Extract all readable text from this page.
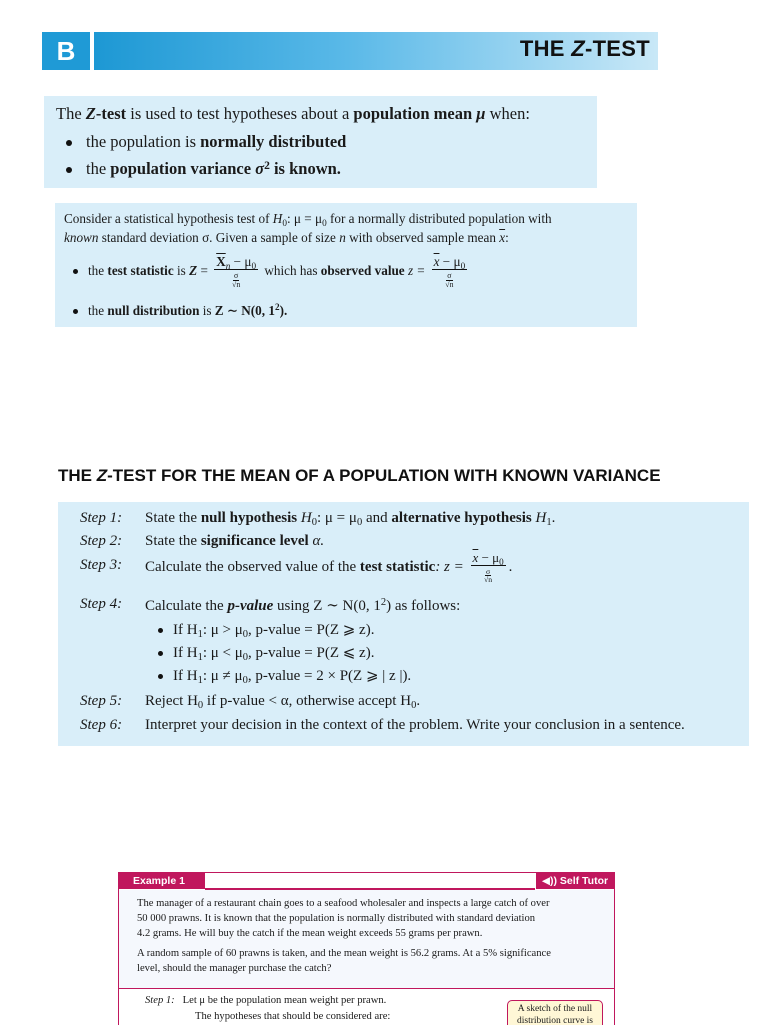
B	THE Z-TEST
The Z-test is used to test hypotheses about a population mean μ when:
the population is normally distributed
the population variance $\sigma^2$ is known.
Consider a statistical hypothesis test of $H_0$: $\mu = \mu_0$ for a normally distributed population with
known standard deviation σ. Given a sample of size n with observed sample mean $\overline{x}$:
the test statistic is $Z = \frac{\overline{X}_n - \mu_0}{\frac{\sigma}{√n}}$ which has observed value $z = \frac{\overline{x} - \mu_0}{\frac{\sigma}{√n}}$
the null distribution is Z ∼ N(0, $1^2$).
THE Z-TEST FOR THE MEAN OF A POPULATION WITH KNOWN VARIANCE
Step 1: State the null hypothesis $H_0$: $\mu = \mu_0$ and alternative hypothesis $H_1$.
Step 2: State the significance level α.
Step 3: Calculate the observed value of the test statistic: $z = \frac{\overline{x} - \mu_0}{\frac{\sigma}{√n}}$ .
Step 4: Calculate the p-value using Z ∼ N(0, $1^2$) as follows:
If $H_1$: $\mu > \mu_0$, p-value = P(Z ⩾ z).
If $H_1$: $\mu < \mu_0$, p-value = P(Z ⩽ z).
If $H_1$: $\mu \ne \mu_0$, p-value = 2 × P(Z ⩾ | z |).
Step 5: Reject $H_0$ if p-value < α, otherwise accept $H_0$.
Step 6: Interpret your decision in the context of the problem. Write your conclusion in a sentence.
Example 1	◀)) Self Tutor
The manager of a restaurant chain goes to a seafood wholesaler and inspects a large catch of over
50 000 prawns. It is known that the population is normally distributed with standard deviation
4.2 grams. He will buy the catch if the mean weight exceeds 55 grams per prawn.
A random sample of 60 prawns is taken, and the mean weight is 56.2 grams. At a 5% significance
level, should the manager purchase the catch?
Step 1: Let μ be the population mean weight per prawn.
The hypotheses that should be considered are:
A sketch of the null
distribution curve is
